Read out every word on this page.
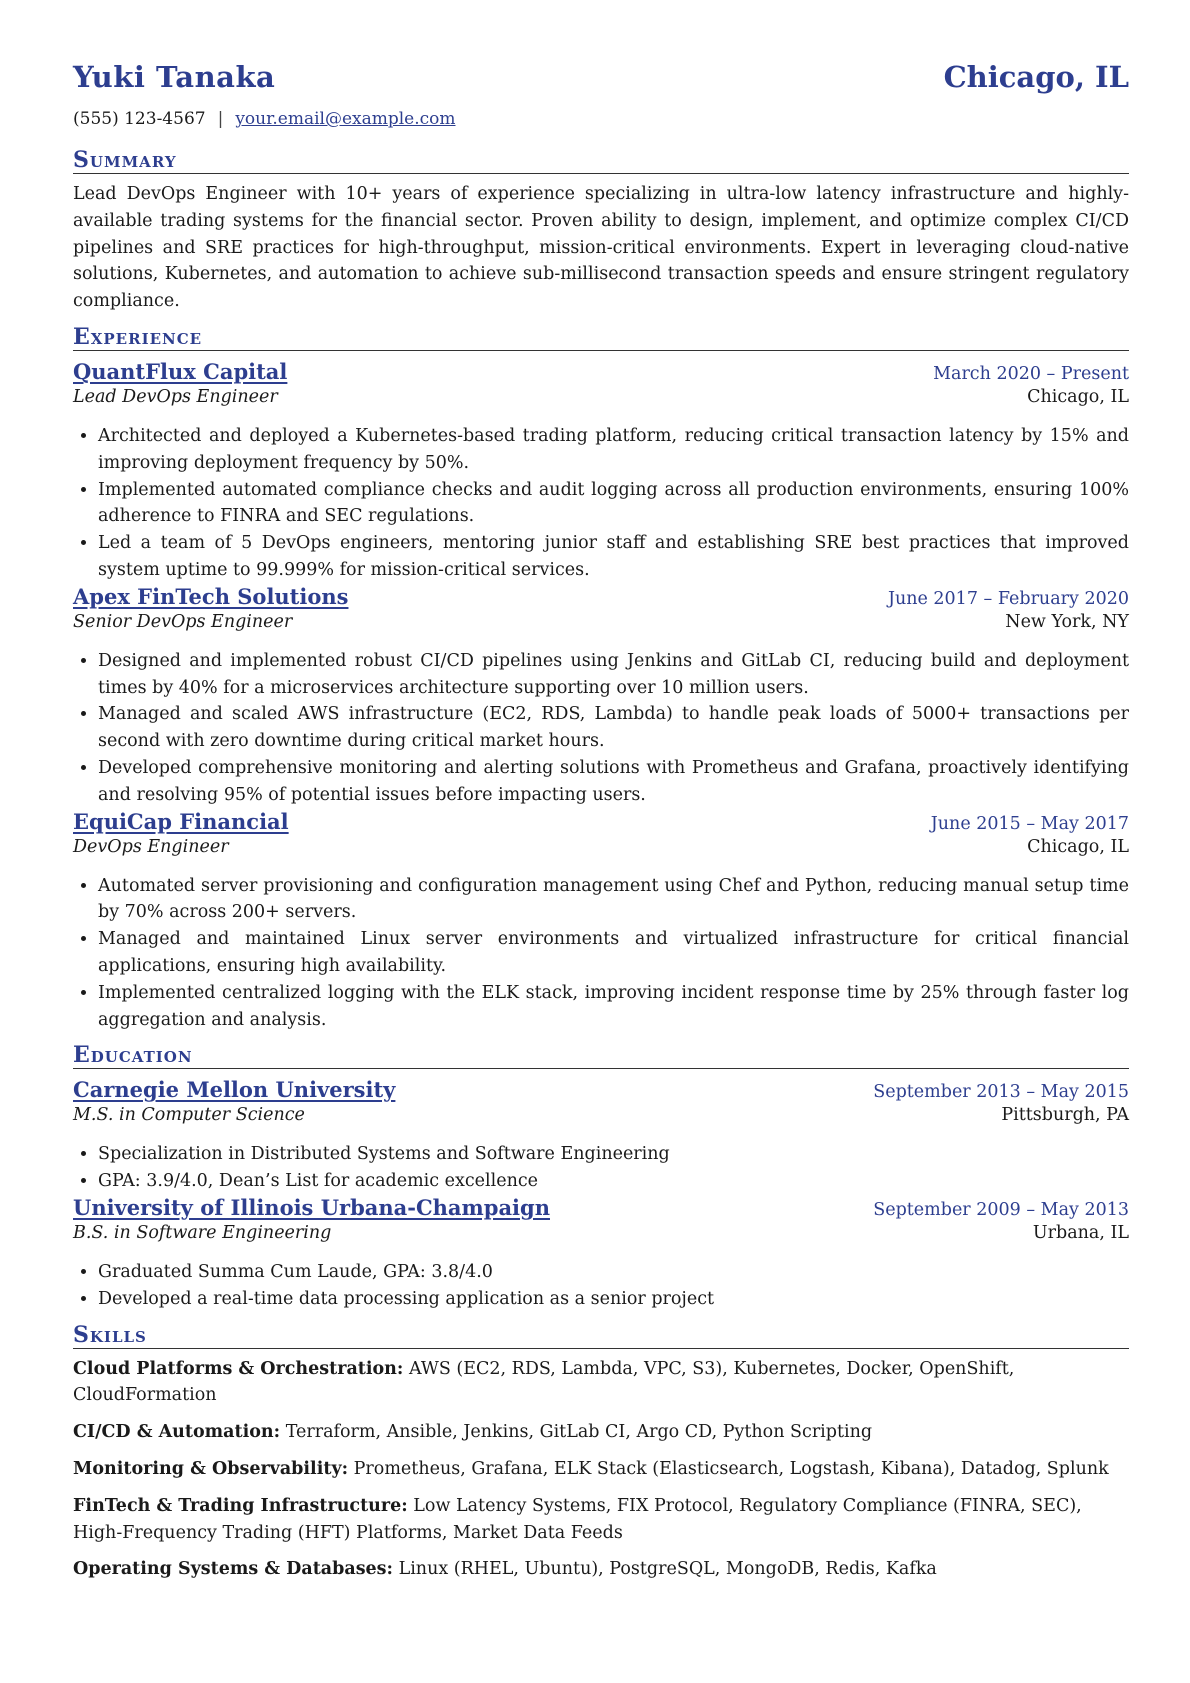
Yuki Tanaka	Chicago, IL
(555) 123-4567 | your.email@example.com
Summary
Lead DevOps Engineer with 10+ years of experience specializing in ultra-low latency infrastructure and highly-available trading systems for the financial sector. Proven ability to design, implement, and optimize complex CI/CD pipelines and SRE practices for high-throughput, mission-critical environments. Expert in leveraging cloud-native solutions, Kubernetes, and automation to achieve sub-millisecond transaction speeds and ensure stringent regulatory compliance.
Experience
QuantFlux Capital	March 2020 – Present
Lead DevOps Engineer	Chicago, IL
• Architected and deployed a Kubernetes-based trading platform, reducing critical transaction latency by 15% and improving deployment frequency by 50%.
• Implemented automated compliance checks and audit logging across all production environments, ensuring 100% adherence to FINRA and SEC regulations.
• Led a team of 5 DevOps engineers, mentoring junior staff and establishing SRE best practices that improved system uptime to 99.999% for mission-critical services.
Apex FinTech Solutions	June 2017 – February 2020
Senior DevOps Engineer	New York, NY
• Designed and implemented robust CI/CD pipelines using Jenkins and GitLab CI, reducing build and deployment times by 40% for a microservices architecture supporting over 10 million users.
• Managed and scaled AWS infrastructure (EC2, RDS, Lambda) to handle peak loads of 5000+ transactions per second with zero downtime during critical market hours.
• Developed comprehensive monitoring and alerting solutions with Prometheus and Grafana, proactively identifying and resolving 95% of potential issues before impacting users.
EquiCap Financial	June 2015 – May 2017
DevOps Engineer	Chicago, IL
• Automated server provisioning and configuration management using Chef and Python, reducing manual setup time by 70% across 200+ servers.
• Managed and maintained Linux server environments and virtualized infrastructure for critical financial applications, ensuring high availability.
• Implemented centralized logging with the ELK stack, improving incident response time by 25% through faster log aggregation and analysis.
Education
Carnegie Mellon University	September 2013 – May 2015
M.S. in Computer Science	Pittsburgh, PA
• Specialization in Distributed Systems and Software Engineering
• GPA: 3.9/4.0, Dean’s List for academic excellence
University of Illinois Urbana-Champaign	September 2009 – May 2013
B.S. in Software Engineering	Urbana, IL
• Graduated Summa Cum Laude, GPA: 3.8/4.0
• Developed a real-time data processing application as a senior project
Skills
Cloud Platforms & Orchestration: AWS (EC2, RDS, Lambda, VPC, S3), Kubernetes, Docker, OpenShift, CloudFormation
CI/CD & Automation: Terraform, Ansible, Jenkins, GitLab CI, Argo CD, Python Scripting
Monitoring & Observability: Prometheus, Grafana, ELK Stack (Elasticsearch, Logstash, Kibana), Datadog, Splunk
FinTech & Trading Infrastructure: Low Latency Systems, FIX Protocol, Regulatory Compliance (FINRA, SEC), High-Frequency Trading (HFT) Platforms, Market Data Feeds
Operating Systems & Databases: Linux (RHEL, Ubuntu), PostgreSQL, MongoDB, Redis, Kafka
